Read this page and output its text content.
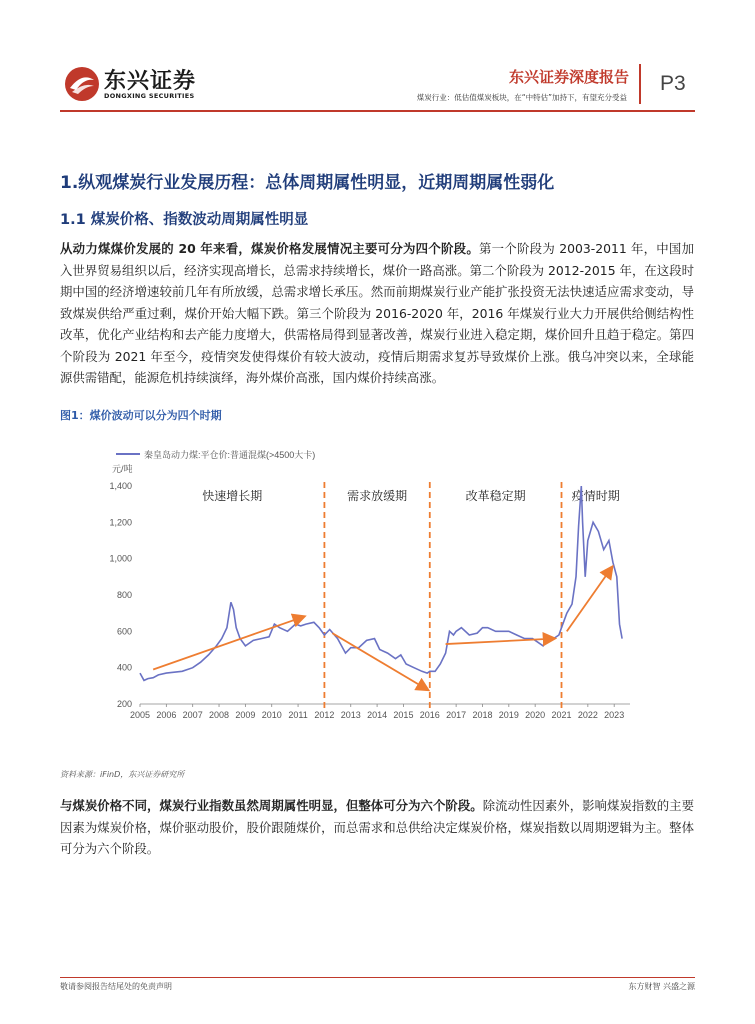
东兴证券
DONGXING SECURITIES
东兴证券深度报告
煤炭行业：低估值煤炭板块，在“中特估”加持下，有望充分受益
P3
1.纵观煤炭行业发展历程：总体周期属性明显，近期周期属性弱化
1.1 煤炭价格、指数波动周期属性明显
从动力煤煤价发展的 20 年来看，煤炭价格发展情况主要可分为四个阶段。第一个阶段为 2003-2011 年，中国加入世界贸易组织以后，经济实现高增长，总需求持续增长，煤价一路高涨。第二个阶段为 2012-2015 年，在这段时期中国的经济增速较前几年有所放缓，总需求增长承压。然而前期煤炭行业产能扩张投资无法快速适应需求变动，导致煤炭供给严重过剩，煤价开始大幅下跌。第三个阶段为 2016-2020 年，2016 年煤炭行业大力开展供给侧结构性改革，优化产业结构和去产能力度增大，供需格局得到显著改善，煤炭行业进入稳定期，煤价回升且趋于稳定。第四个阶段为 2021 年至今，疫情突发使得煤价有较大波动，疫情后期需求复苏导致煤价上涨。俄乌冲突以来，全球能源供需错配，能源危机持续演绎，海外煤价高涨，国内煤价持续高涨。
图1：煤价波动可以分为四个时期
秦皇岛动力煤:平仓价:普通混煤(>4500大卡)
元/吨
200
400
600
800
1,000
1,200
1,400
2005 2006 2007 2008 2009 2010 2011 2012 2013 2014 2015 2016 2017 2018 2019 2020 2021 2022 2023
快速增长期	需求放缓期	改革稳定期	疫情时期
资料来源：iFinD，东兴证券研究所
与煤炭价格不同，煤炭行业指数虽然周期属性明显，但整体可分为六个阶段。除流动性因素外，影响煤炭指数的主要因素为煤炭价格，煤价驱动股价，股价跟随煤价，而总需求和总供给决定煤炭价格，煤炭指数以周期逻辑为主。整体可分为六个阶段。
敬请参阅报告结尾处的免责声明	东方财智 兴盛之源
